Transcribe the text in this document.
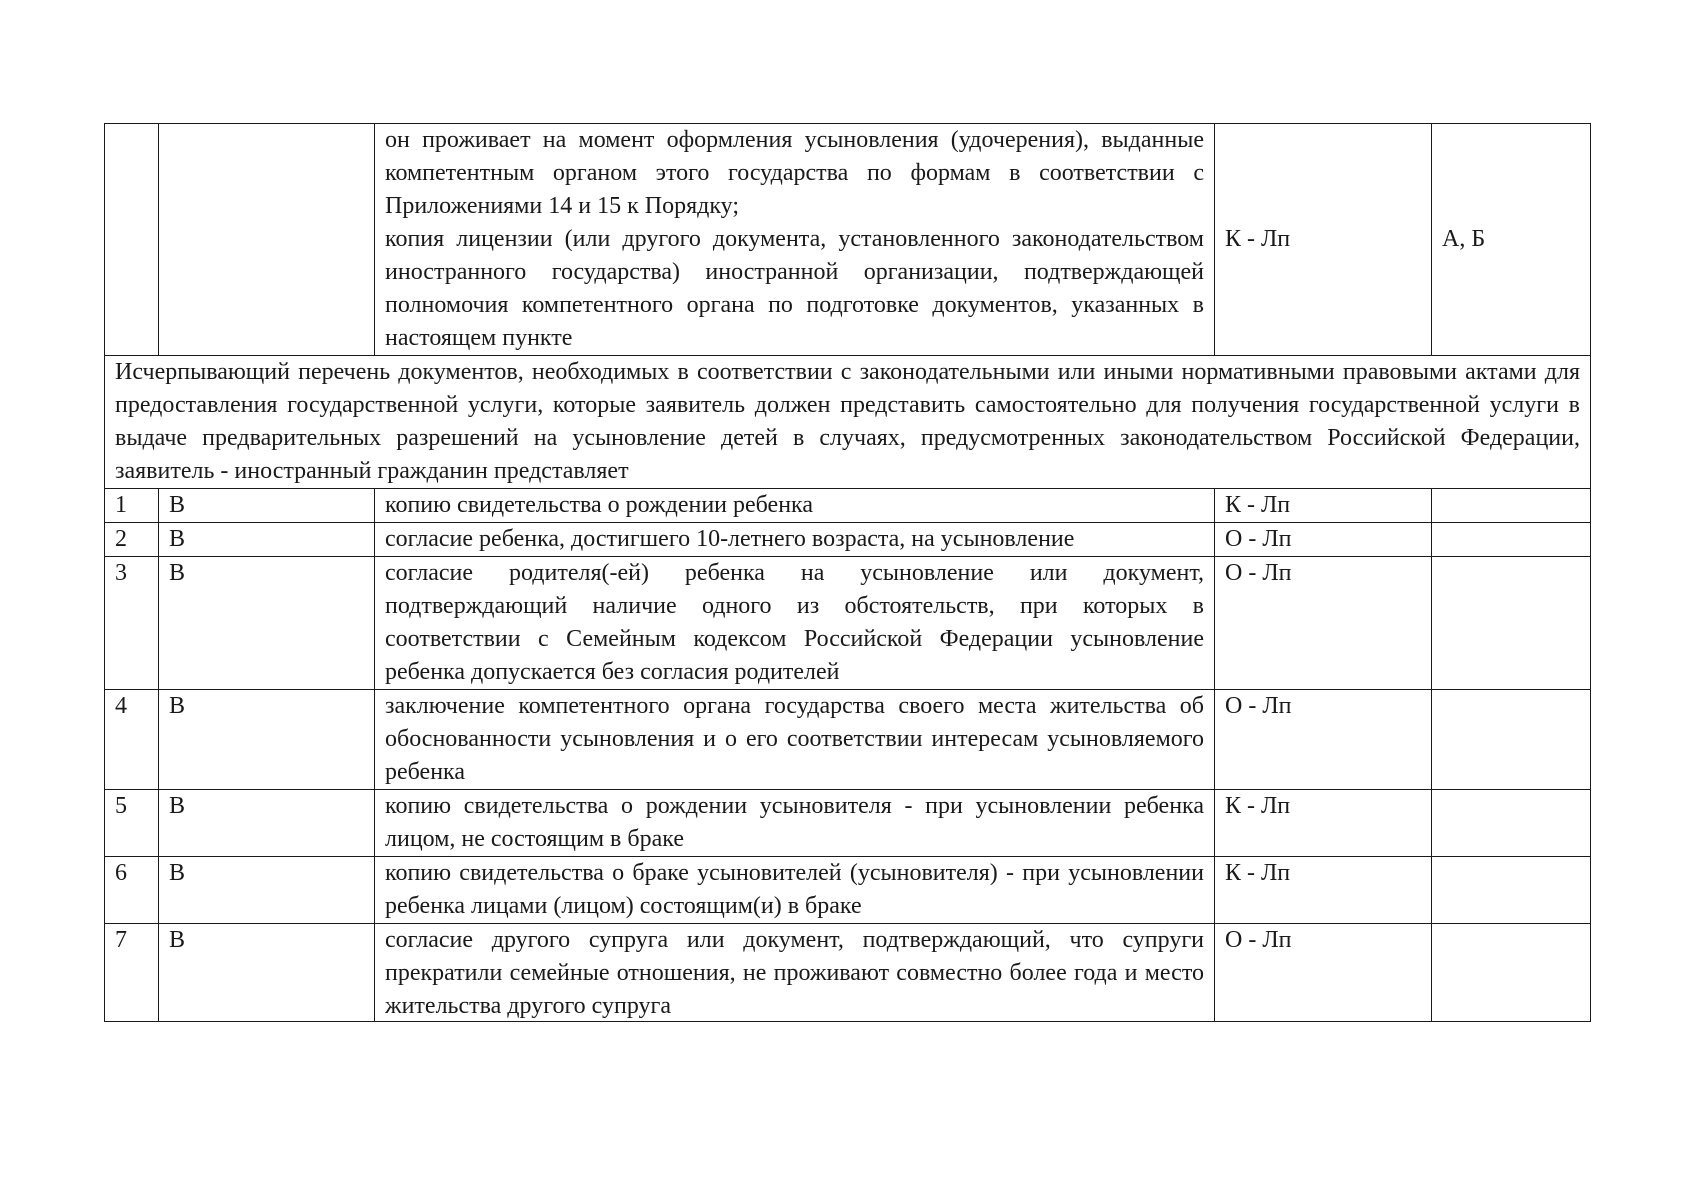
		он проживает на момент оформления усыновления (удочерения), выданные компетентным органом этого государства по формам в соответствии с Приложениями 14 и 15 к Порядку;
копия лицензии (или другого документа, установленного законодательством иностранного государства) иностранной организации, подтверждающей полномочия компетентного органа по подготовке документов, указанных в настоящем пункте	К - Лп	А, Б
Исчерпывающий перечень документов, необходимых в соответствии с законодательными или иными нормативными правовыми актами для предоставления государственной услуги, которые заявитель должен представить самостоятельно для получения государственной услуги в выдаче предварительных разрешений на усыновление детей в случаях, предусмотренных законодательством Российской Федерации, заявитель - иностранный гражданин представляет				
1	В	копию свидетельства о рождении ребенка	К - Лп	
2	В	согласие ребенка, достигшего 10-летнего возраста, на усыновление	О - Лп	
3	В	согласие родителя(-ей) ребенка на усыновление или документ, подтверждающий наличие одного из обстоятельств, при которых в соответствии с Семейным кодексом Российской Федерации усыновление ребенка допускается без согласия родителей	О - Лп	
4	В	заключение компетентного органа государства своего места жительства об обоснованности усыновления и о его соответствии интересам усыновляемого ребенка	О - Лп	
5	В	копию свидетельства о рождении усыновителя - при усыновлении ребенка лицом, не состоящим в браке	К - Лп	
6	В	копию свидетельства о браке усыновителей (усыновителя) - при усыновлении ребенка лицами (лицом) состоящим(и) в браке	К - Лп	
7	В	согласие другого супруга или документ, подтверждающий, что супруги прекратили семейные отношения, не проживают совместно более года и место жительства другого супруга	О - Лп	
